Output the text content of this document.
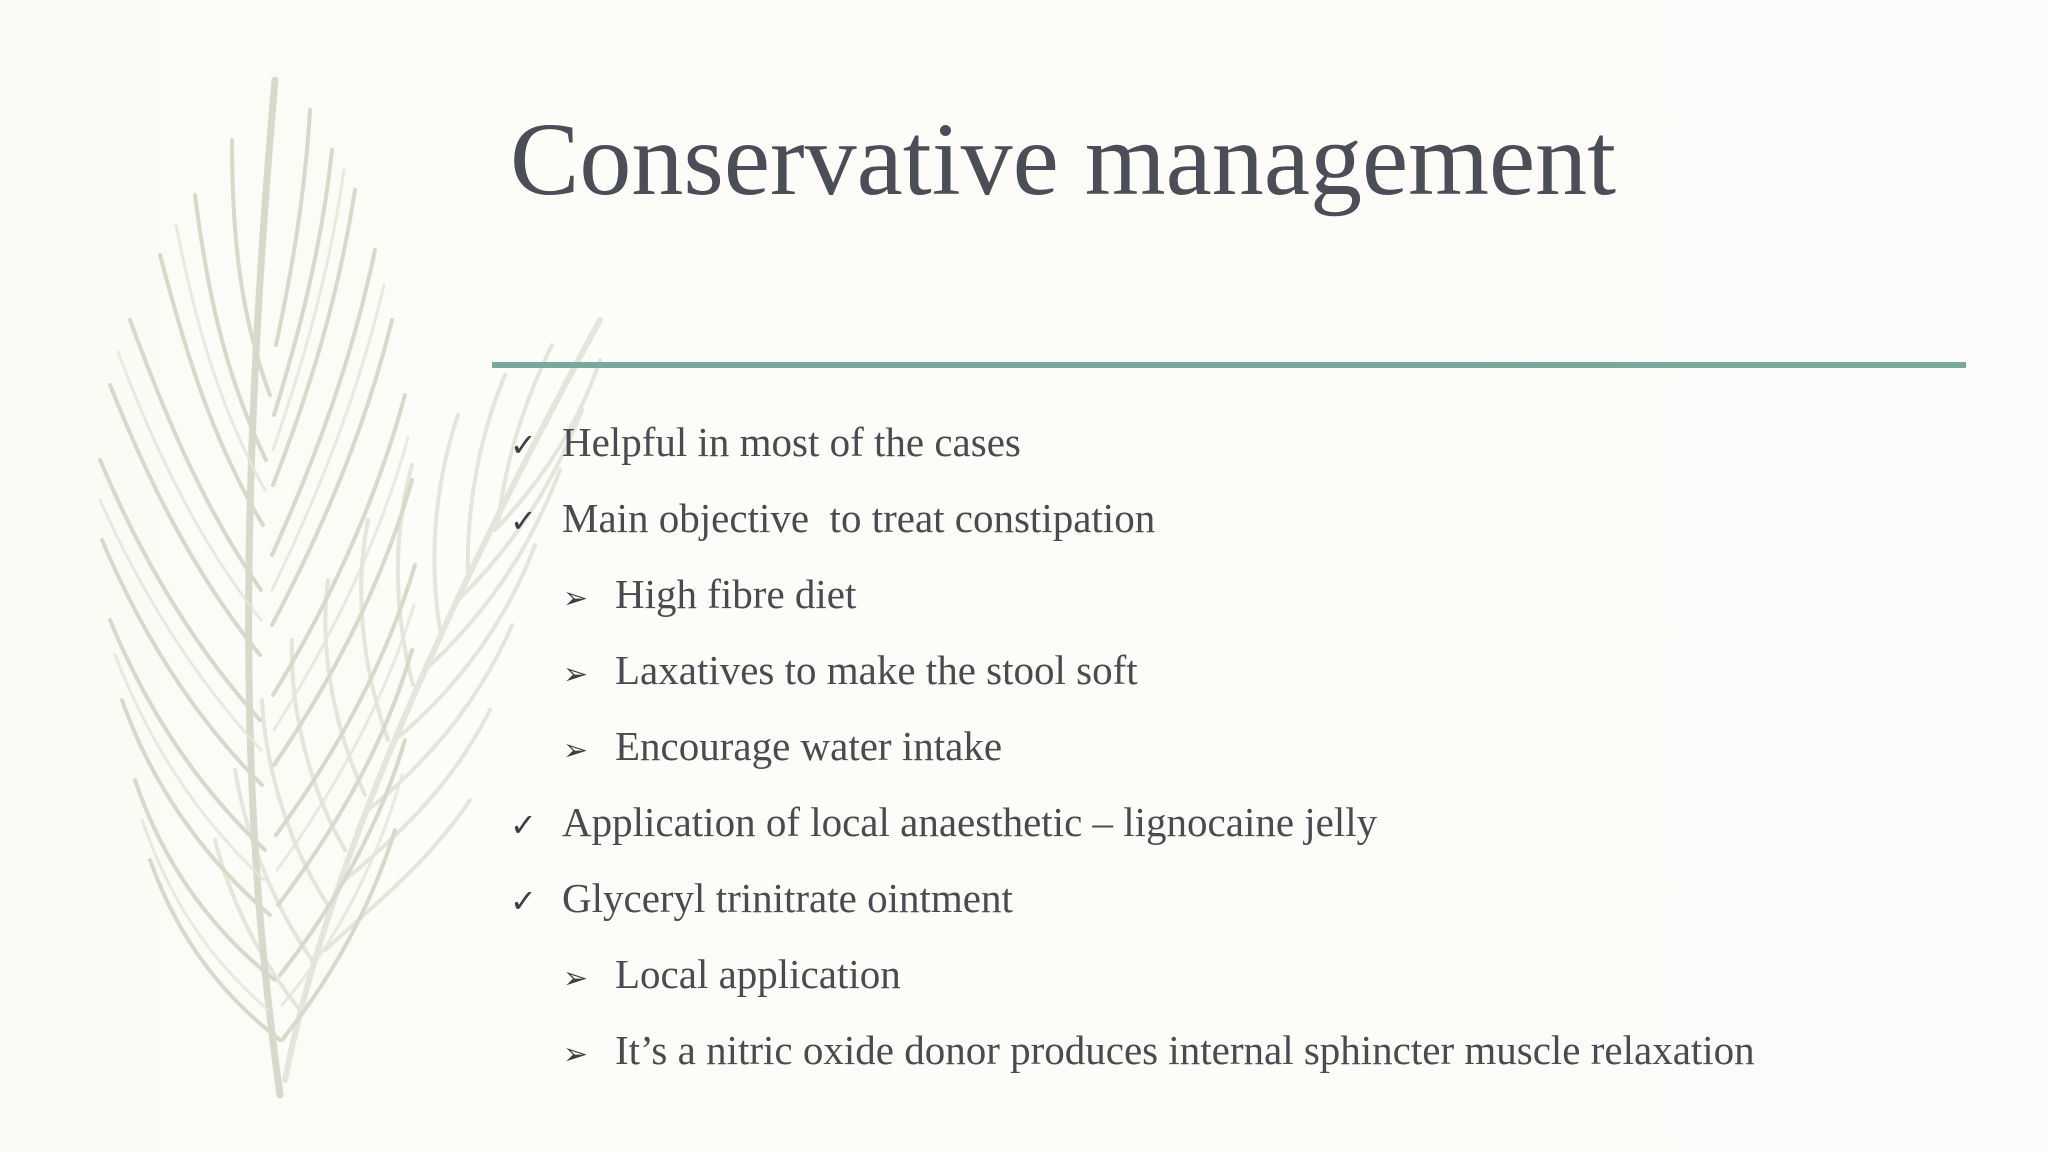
Conservative management
✓ Helpful in most of the cases
✓ Main objective  to treat constipation
➢ High fibre diet
➢ Laxatives to make the stool soft
➢ Encourage water intake
✓ Application of local anaesthetic – lignocaine jelly
✓ Glyceryl trinitrate ointment
➢ Local application
➢ It’s a nitric oxide donor produces internal sphincter muscle relaxation
